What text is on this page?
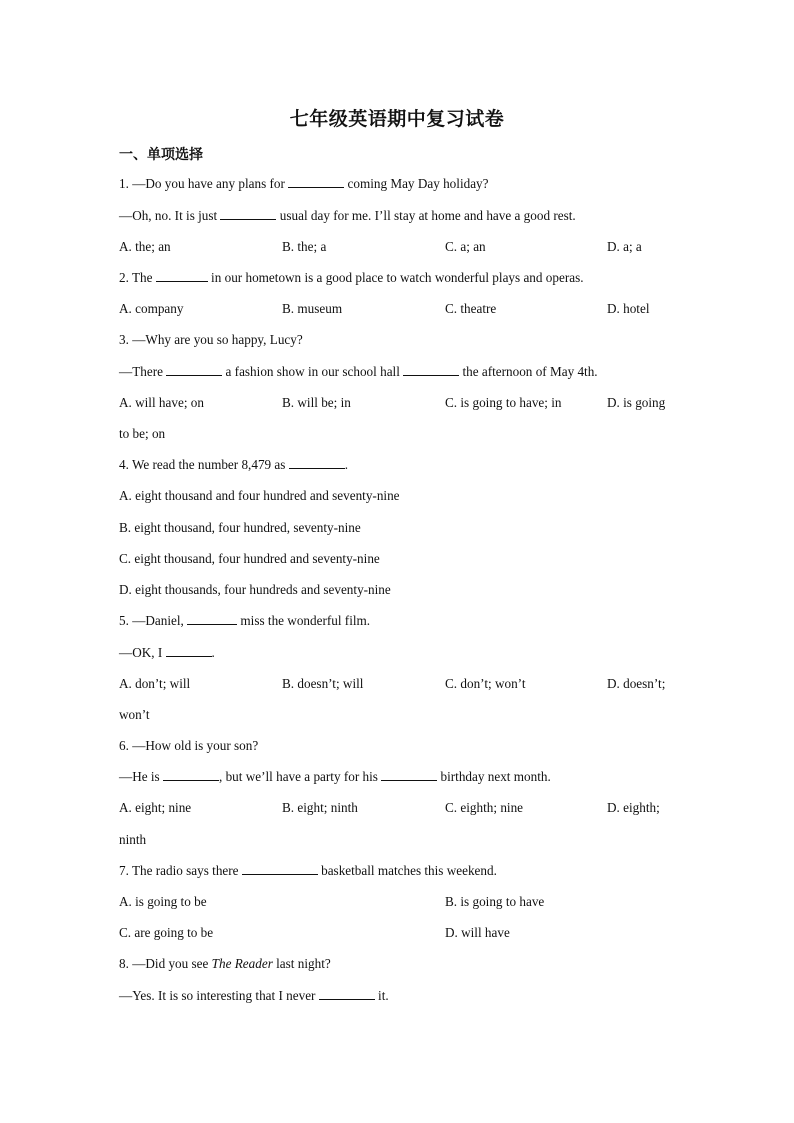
七年级英语期中复习试卷
一、单项选择
1. —Do you have any plans for	coming May Day holiday?
—Oh, no. It is just	usual day for me. I’ll stay at home and have a good rest.
A. the; an	B. the; a	C. a; an	D. a; a
2. The	in our hometown is a good place to watch wonderful plays and operas.
A. company	B. museum	C. theatre	D. hotel
3. —Why are you so happy, Lucy?
—There	a fashion show in our school hall	the afternoon of May 4th.
A. will have; on	B. will be; in	C. is going to have; in	D. is going
to be; on
4. We read the number 8,479 as	.
A. eight thousand and four hundred and seventy-nine
B. eight thousand, four hundred, seventy-nine
C. eight thousand, four hundred and seventy-nine
D. eight thousands, four hundreds and seventy-nine
5. —Daniel,	miss the wonderful film.
—OK, I	.
A. don’t; will	B. doesn’t; will	C. don’t; won’t	D. doesn’t;
won’t
6. —How old is your son?
—He is	, but we’ll have a party for his	birthday next month.
A. eight; nine	B. eight; ninth	C. eighth; nine	D. eighth;
ninth
7. The radio says there	basketball matches this weekend.
A. is going to be	B. is going to have
C. are going to be	D. will have
8. —Did you see The Reader last night?
—Yes. It is so interesting that I never	it.
